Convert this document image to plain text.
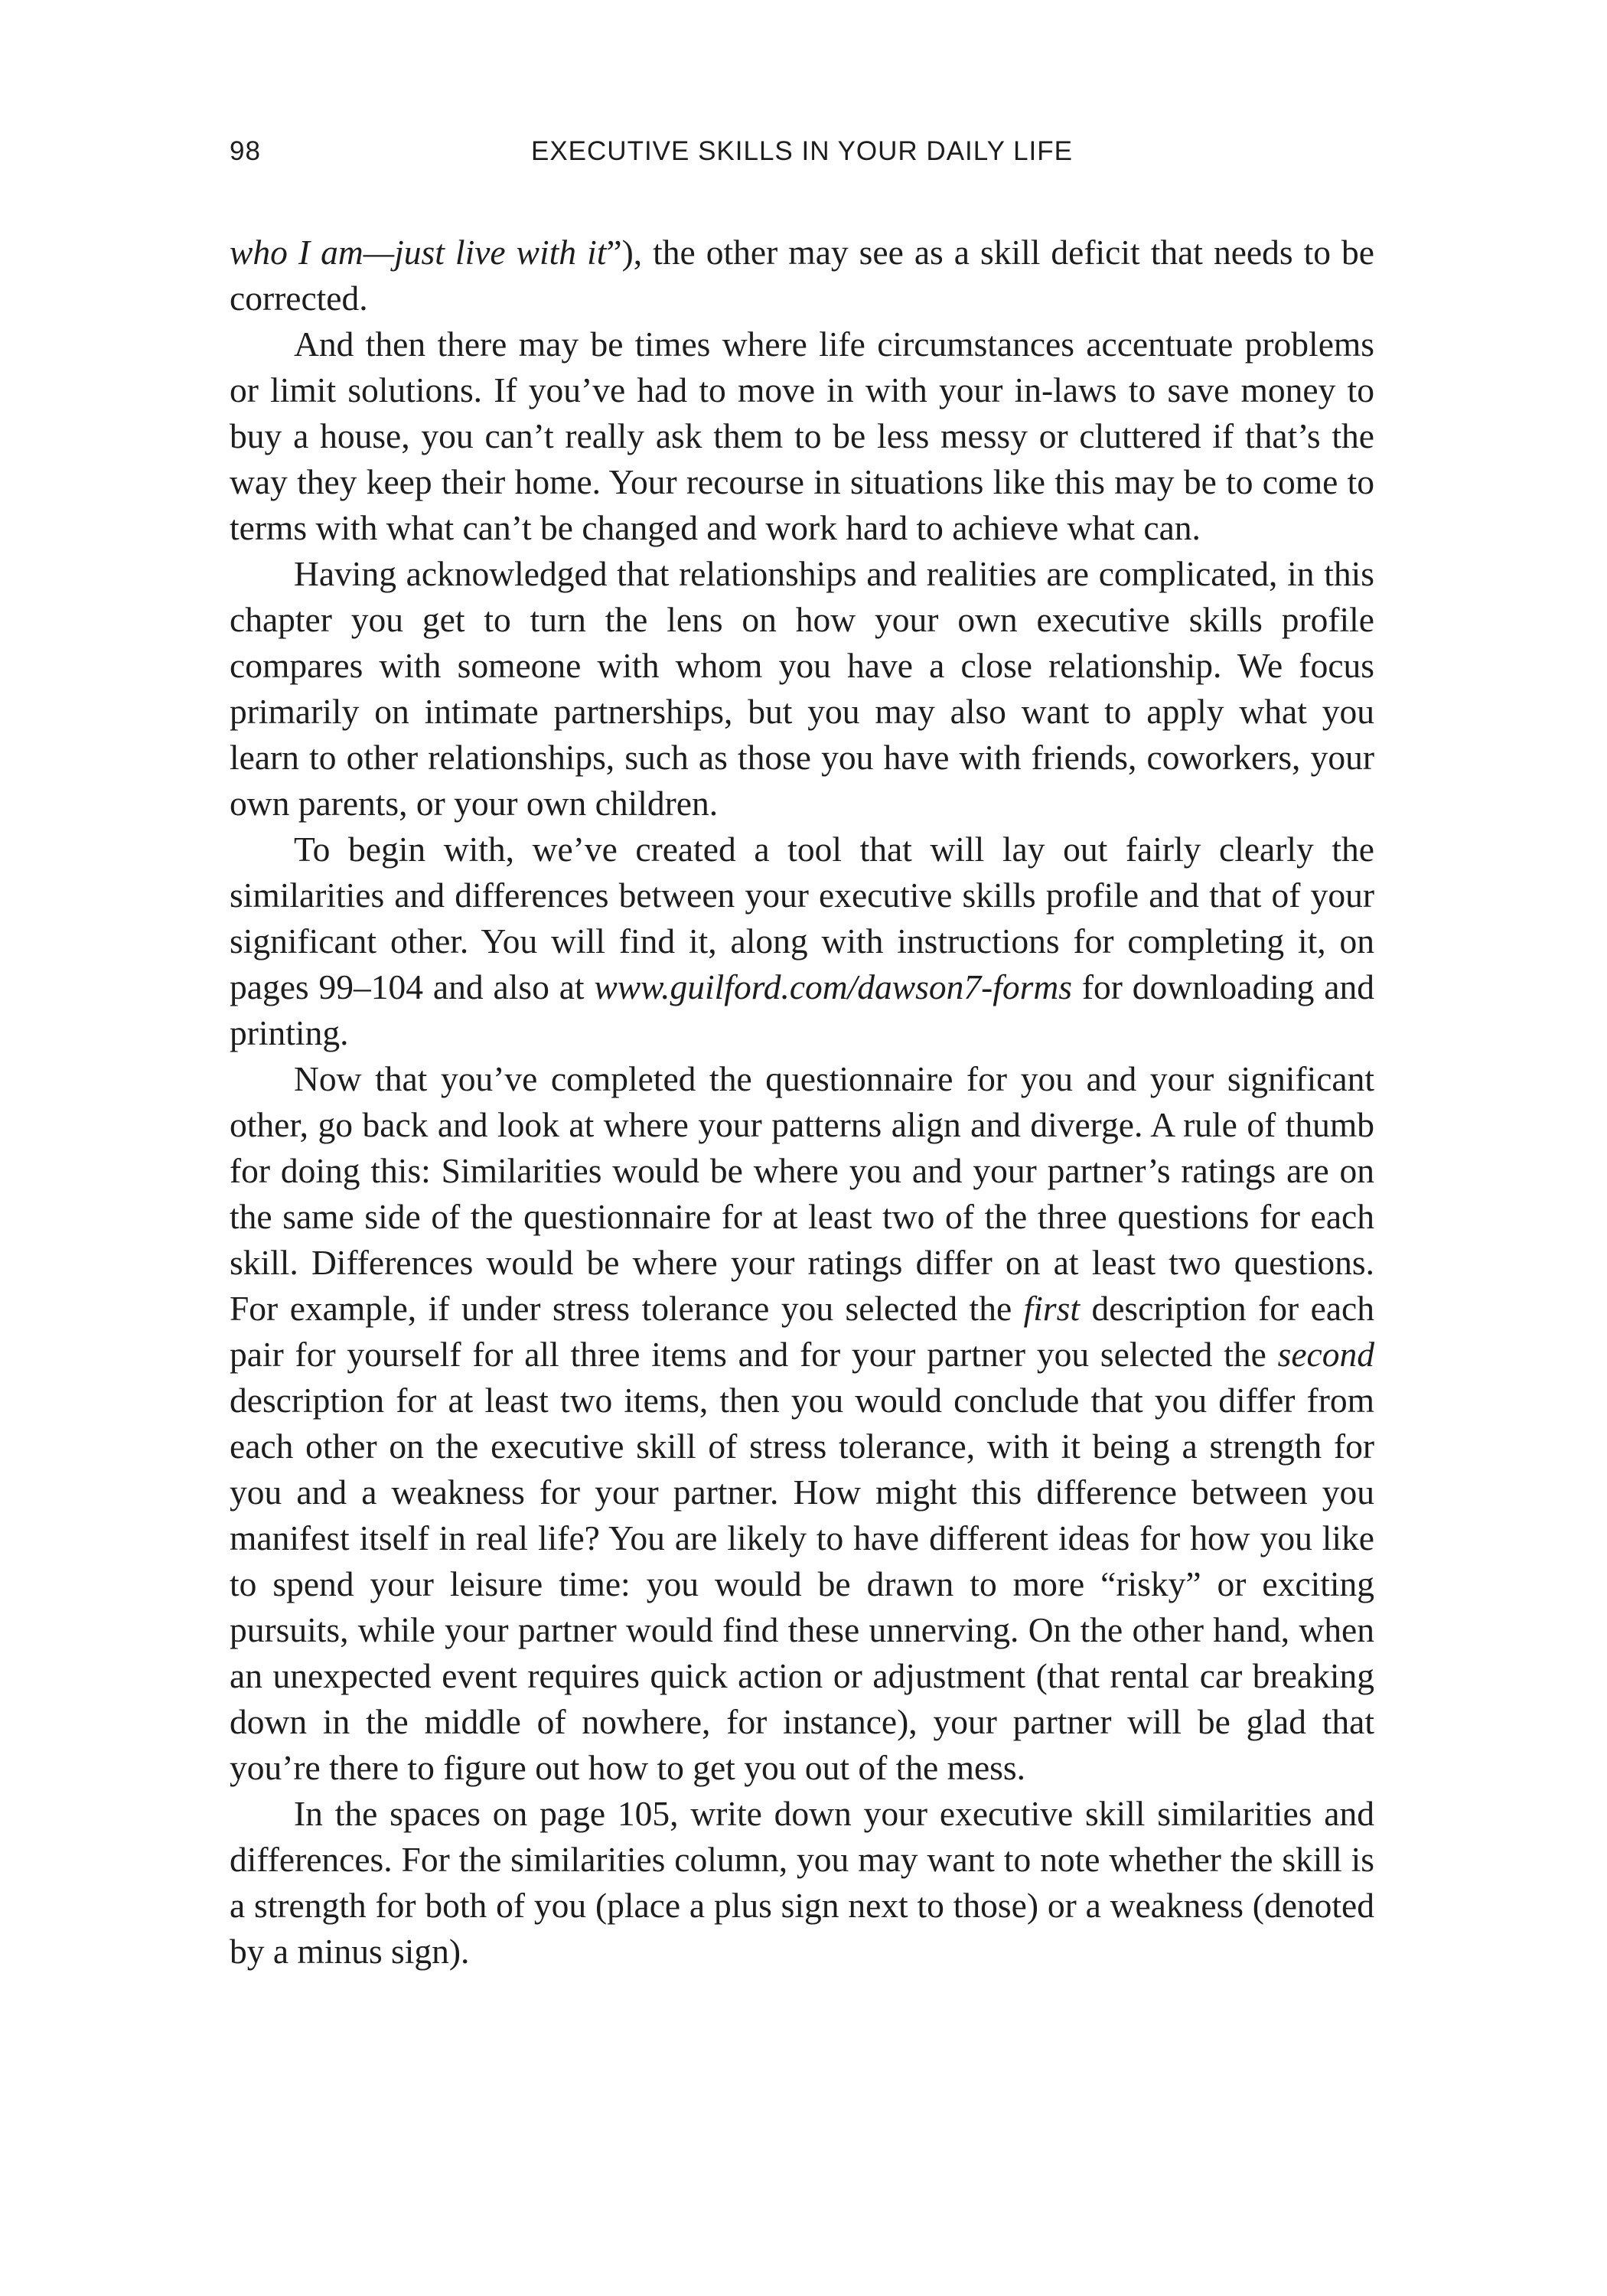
98	EXECUTIVE SKILLS IN YOUR DAILY LIFE

who I am—just live with it”), the other may see as a skill deficit that needs to be corrected.

And then there may be times where life circumstances accentuate problems or limit solutions. If you’ve had to move in with your in-laws to save money to buy a house, you can’t really ask them to be less messy or cluttered if that’s the way they keep their home. Your recourse in situations like this may be to come to terms with what can’t be changed and work hard to achieve what can.

Having acknowledged that relationships and realities are complicated, in this chapter you get to turn the lens on how your own executive skills profile compares with someone with whom you have a close relationship. We focus primarily on intimate partnerships, but you may also want to apply what you learn to other relationships, such as those you have with friends, coworkers, your own parents, or your own children.

To begin with, we’ve created a tool that will lay out fairly clearly the similarities and differences between your executive skills profile and that of your significant other. You will find it, along with instructions for completing it, on pages 99–104 and also at www.guilford.com/dawson7-forms for downloading and printing.

Now that you’ve completed the questionnaire for you and your significant other, go back and look at where your patterns align and diverge. A rule of thumb for doing this: Similarities would be where you and your partner’s ratings are on the same side of the questionnaire for at least two of the three questions for each skill. Differences would be where your ratings differ on at least two questions. For example, if under stress tolerance you selected the first description for each pair for yourself for all three items and for your partner you selected the second description for at least two items, then you would conclude that you differ from each other on the executive skill of stress tolerance, with it being a strength for you and a weakness for your partner. How might this difference between you manifest itself in real life? You are likely to have different ideas for how you like to spend your leisure time: you would be drawn to more “risky” or exciting pursuits, while your partner would find these unnerving. On the other hand, when an unexpected event requires quick action or adjustment (that rental car breaking down in the middle of nowhere, for instance), your partner will be glad that you’re there to figure out how to get you out of the mess.

In the spaces on page 105, write down your executive skill similarities and differences. For the similarities column, you may want to note whether the skill is a strength for both of you (place a plus sign next to those) or a weakness (denoted by a minus sign).
